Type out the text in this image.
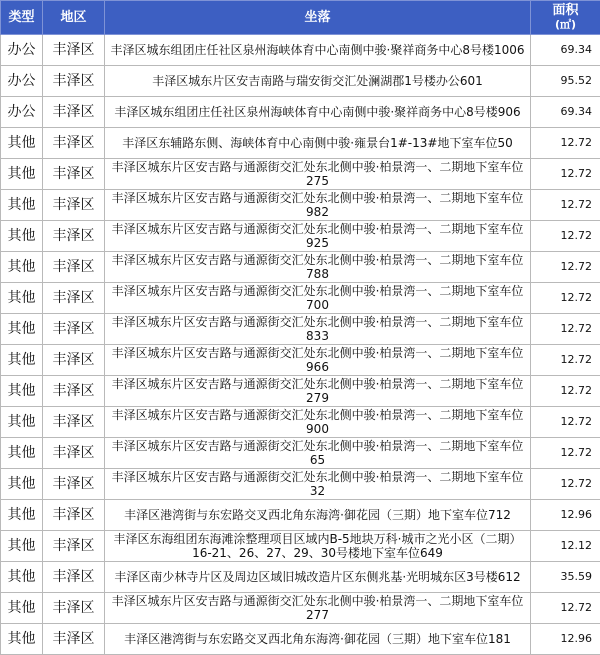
类型	地区	坐落	面积
(㎡)

办公	丰泽区	丰泽区城东组团庄任社区泉州海峡体育中心南侧中骏·聚祥商务中心8号楼1006	69.34
办公	丰泽区	丰泽区城东片区安吉南路与瑞安街交汇处澜湖郡1号楼办公601	95.52
办公	丰泽区	丰泽区城东组团庄任社区泉州海峡体育中心南侧中骏·聚祥商务中心8号楼906	69.34
其他	丰泽区	丰泽区东辅路东侧、海峡体育中心南侧中骏·雍景台1#-13#地下室车位50	12.72
其他	丰泽区	丰泽区城东片区安吉路与通源街交汇处东北侧中骏·柏景湾一、二期地下室车位275	12.72
其他	丰泽区	丰泽区城东片区安吉路与通源街交汇处东北侧中骏·柏景湾一、二期地下室车位982	12.72
其他	丰泽区	丰泽区城东片区安吉路与通源街交汇处东北侧中骏·柏景湾一、二期地下室车位925	12.72
其他	丰泽区	丰泽区城东片区安吉路与通源街交汇处东北侧中骏·柏景湾一、二期地下室车位788	12.72
其他	丰泽区	丰泽区城东片区安吉路与通源街交汇处东北侧中骏·柏景湾一、二期地下室车位700	12.72
其他	丰泽区	丰泽区城东片区安吉路与通源街交汇处东北侧中骏·柏景湾一、二期地下室车位833	12.72
其他	丰泽区	丰泽区城东片区安吉路与通源街交汇处东北侧中骏·柏景湾一、二期地下室车位966	12.72
其他	丰泽区	丰泽区城东片区安吉路与通源街交汇处东北侧中骏·柏景湾一、二期地下室车位279	12.72
其他	丰泽区	丰泽区城东片区安吉路与通源街交汇处东北侧中骏·柏景湾一、二期地下室车位900	12.72
其他	丰泽区	丰泽区城东片区安吉路与通源街交汇处东北侧中骏·柏景湾一、二期地下室车位65	12.72
其他	丰泽区	丰泽区城东片区安吉路与通源街交汇处东北侧中骏·柏景湾一、二期地下室车位32	12.72
其他	丰泽区	丰泽区港湾街与东宏路交叉西北角东海湾·御花园（三期）地下室车位712	12.96
其他	丰泽区	丰泽区东海组团东海滩涂整理项目区域内B-5地块万科·城市之光小区（二期）16-21、26、27、29、30号楼地下室车位649	12.12
其他	丰泽区	丰泽区南少林寺片区及周边区域旧城改造片区东侧兆基·光明城东区3号楼612	35.59
其他	丰泽区	丰泽区城东片区安吉路与通源街交汇处东北侧中骏·柏景湾一、二期地下室车位277	12.72
其他	丰泽区	丰泽区港湾街与东宏路交叉西北角东海湾·御花园（三期）地下室车位181	12.96
